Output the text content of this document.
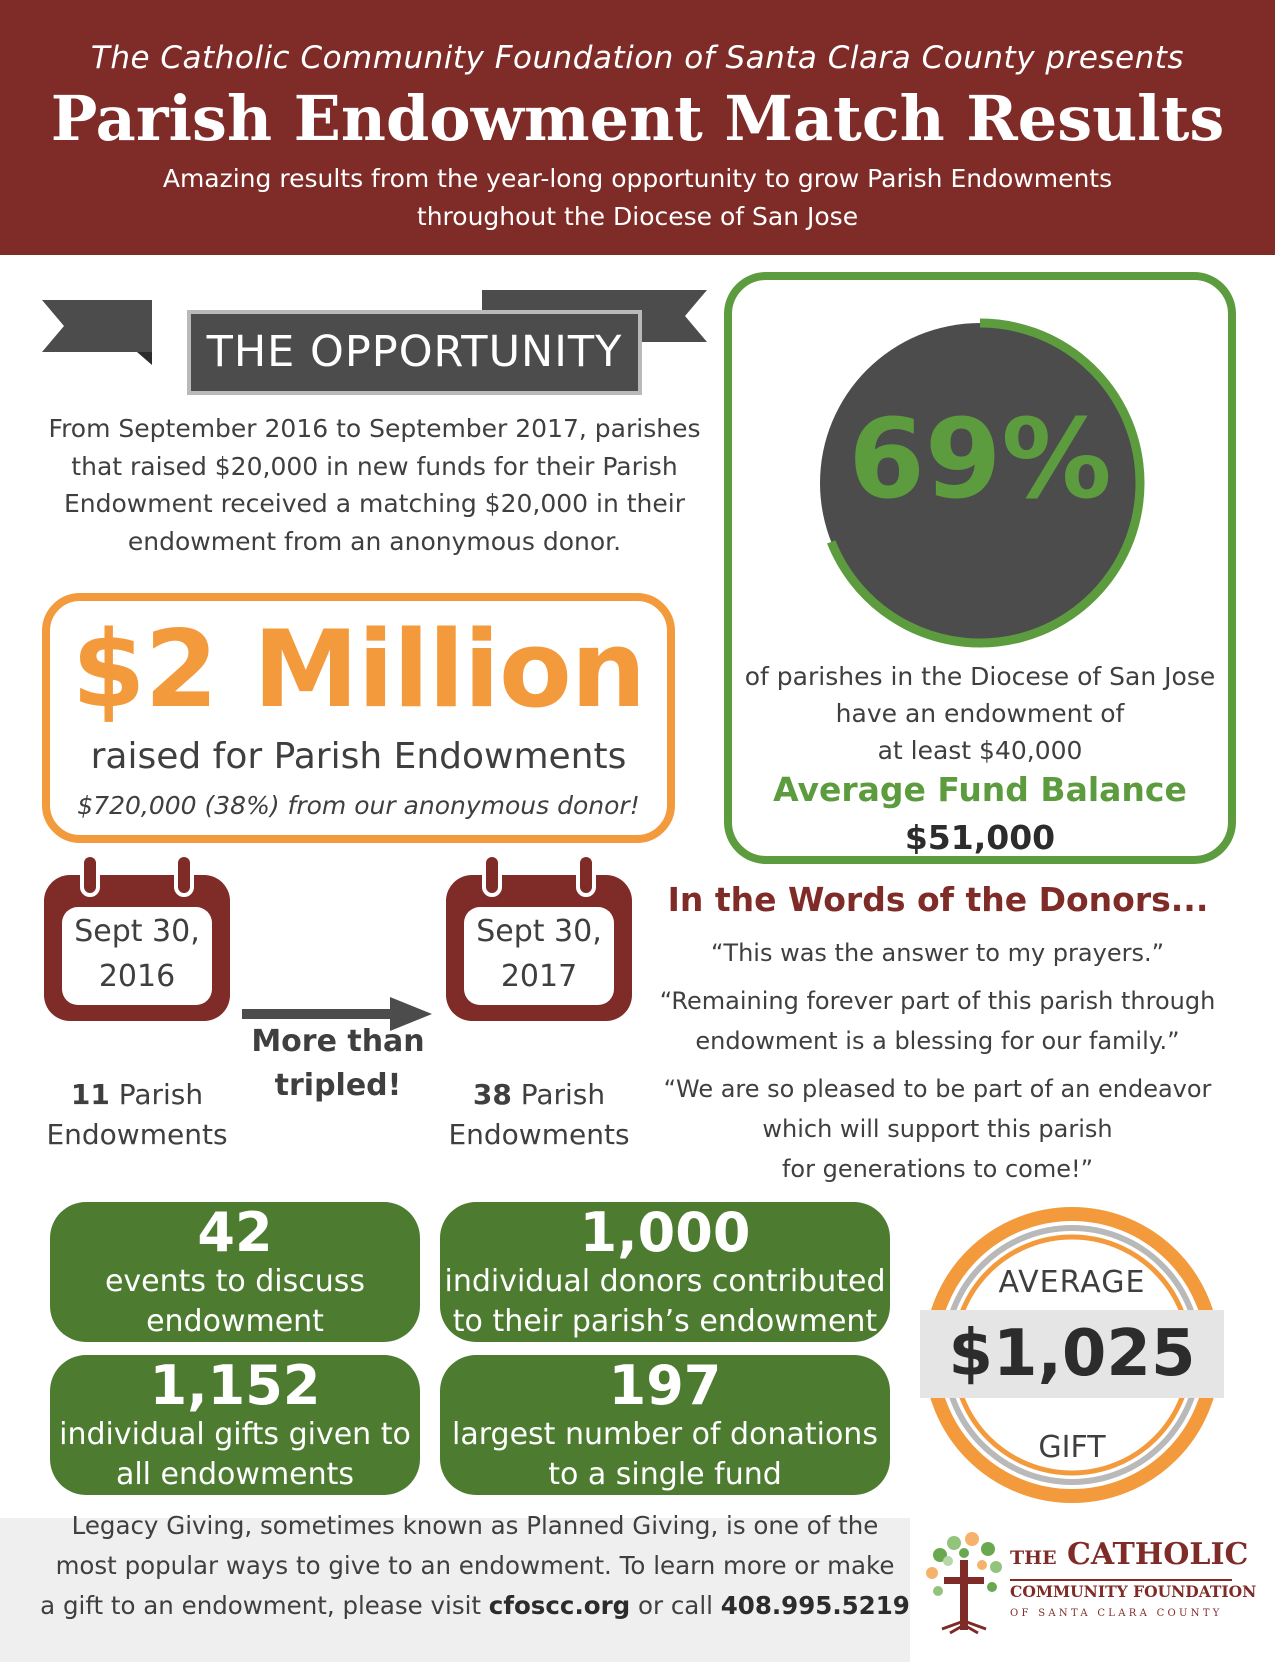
The Catholic Community Foundation of Santa Clara County presents
Parish Endowment Match Results
Amazing results from the year-long opportunity to grow Parish Endowments
throughout the Diocese of San Jose
THE OPPORTUNITY
From September 2016 to September 2017, parishes
that raised $20,000 in new funds for their Parish
Endowment received a matching $20,000 in their
endowment from an anonymous donor.
$2 Million
raised for Parish Endowments
$720,000 (38%) from our anonymous donor!
69%
of parishes in the Diocese of San Jose
have an endowment of
at least $40,000
Average Fund Balance
$51,000
Sept 30,
2016
11 Parish
Endowments
More than
tripled!
Sept 30,
2017
38 Parish
Endowments
In the Words of the Donors...
“This was the answer to my prayers.”
“Remaining forever part of this parish through
endowment is a blessing for our family.”
“We are so pleased to be part of an endeavor
which will support this parish
for generations to come!”
42
events to discuss
endowment
1,000
individual donors contributed
to their parish’s endowment
1,152
individual gifts given to
all endowments
197
largest number of donations
to a single fund
AVERAGE
$1,025
GIFT
Legacy Giving, sometimes known as Planned Giving, is one of the
most popular ways to give to an endowment. To learn more or make
a gift to an endowment, please visit cfoscc.org or call 408.995.5219
THE CATHOLIC
COMMUNITY FOUNDATION
OF SANTA CLARA COUNTY
